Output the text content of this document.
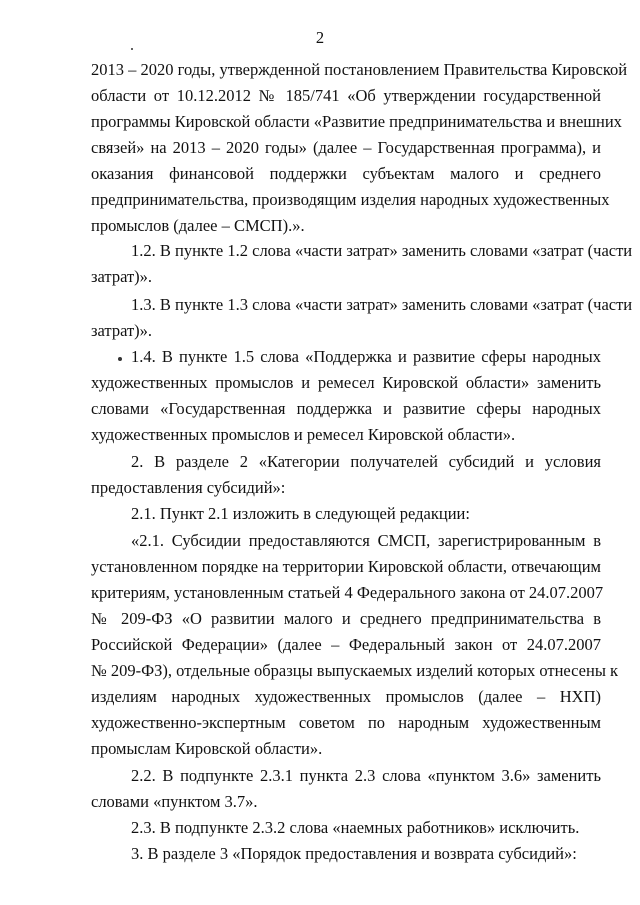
2
2013 – 2020 годы, утвержденной постановлением Правительства Кировской
области от 10.12.2012 № 185/741 «Об утверждении государственной
программы Кировской области «Развитие предпринимательства и внешних
связей» на 2013 – 2020 годы» (далее – Государственная программа), и
оказания финансовой поддержки субъектам малого и среднего
предпринимательства, производящим изделия народных художественных
промыслов (далее – СМСП).».
1.2. В пункте 1.2 слова «части затрат» заменить словами «затрат (части
затрат)».
1.3. В пункте 1.3 слова «части затрат» заменить словами «затрат (части
затрат)».
1.4. В пункте 1.5 слова «Поддержка и развитие сферы народных
художественных промыслов и ремесел Кировской области» заменить
словами «Государственная поддержка и развитие сферы народных
художественных промыслов и ремесел Кировской области».
2. В разделе 2 «Категории получателей субсидий и условия
предоставления субсидий»:
2.1. Пункт 2.1 изложить в следующей редакции:
«2.1. Субсидии предоставляются СМСП, зарегистрированным в
установленном порядке на территории Кировской области, отвечающим
критериям, установленным статьей 4 Федерального закона от 24.07.2007
№ 209-ФЗ «О развитии малого и среднего предпринимательства в
Российской Федерации» (далее – Федеральный закон от 24.07.2007
№ 209-ФЗ), отдельные образцы выпускаемых изделий которых отнесены к
изделиям народных художественных промыслов (далее – НХП)
художественно-экспертным советом по народным художественным
промыслам Кировской области».
2.2. В подпункте 2.3.1 пункта 2.3 слова «пунктом 3.6» заменить
словами «пунктом 3.7».
2.3. В подпункте 2.3.2 слова «наемных работников» исключить.
3. В разделе 3 «Порядок предоставления и возврата субсидий»:
